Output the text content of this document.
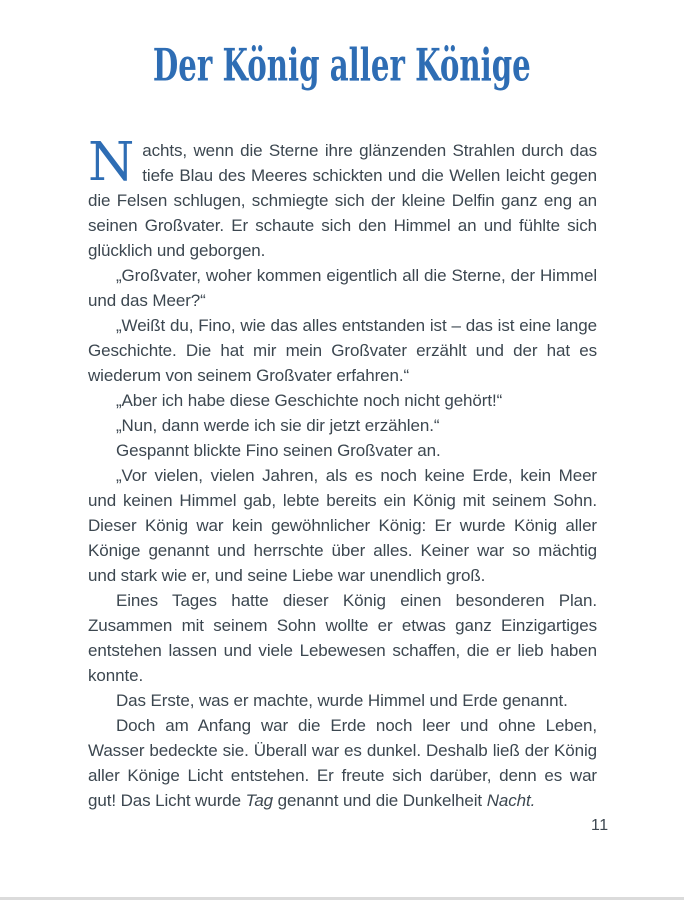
Der König aller Könige

Nachts, wenn die Sterne ihre glänzenden Strahlen durch das tiefe Blau des Meeres schickten und die Wellen leicht gegen die Felsen schlugen, schmiegte sich der kleine Delfin ganz eng an seinen Großvater. Er schaute sich den Himmel an und fühlte sich glücklich und geborgen.

„Großvater, woher kommen eigentlich all die Sterne, der Himmel und das Meer?“

„Weißt du, Fino, wie das alles entstanden ist – das ist eine lange Geschichte. Die hat mir mein Großvater erzählt und der hat es wiederum von seinem Großvater erfahren.“

„Aber ich habe diese Geschichte noch nicht gehört!“

„Nun, dann werde ich sie dir jetzt erzählen.“

Gespannt blickte Fino seinen Großvater an.

„Vor vielen, vielen Jahren, als es noch keine Erde, kein Meer und keinen Himmel gab, lebte bereits ein König mit seinem Sohn. Dieser König war kein gewöhnlicher König: Er wurde König aller Könige genannt und herrschte über alles. Keiner war so mächtig und stark wie er, und seine Liebe war unendlich groß.

Eines Tages hatte dieser König einen besonderen Plan. Zusammen mit seinem Sohn wollte er etwas ganz Einzigartiges entstehen lassen und viele Lebewesen schaffen, die er lieb haben konnte.

Das Erste, was er machte, wurde Himmel und Erde genannt.

Doch am Anfang war die Erde noch leer und ohne Leben, Wasser bedeckte sie. Überall war es dunkel. Deshalb ließ der König aller Könige Licht entstehen. Er freute sich darüber, denn es war gut! Das Licht wurde Tag genannt und die Dunkelheit Nacht.

11
